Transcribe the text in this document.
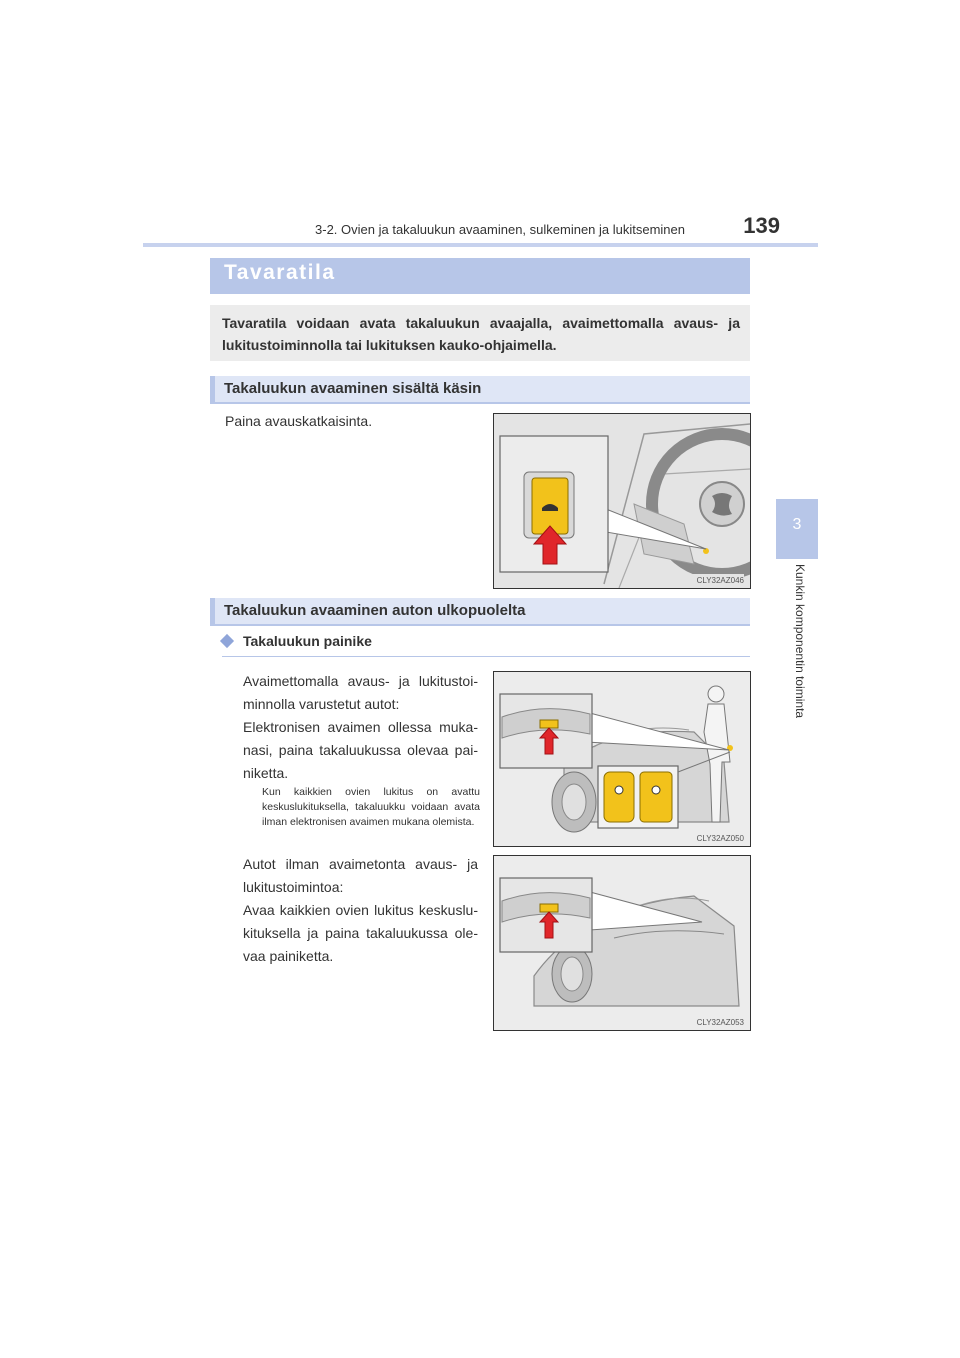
3-2. Ovien ja takaluukun avaaminen, sulkeminen ja lukitseminen	139
3
Kunkin komponentin toiminta
Tavaratila
Tavaratila voidaan avata takaluukun avaajalla, avaimettomalla avaus- ja lukitustoiminnolla tai lukituksen kauko-ohjaimella.
Takaluukun avaaminen sisältä käsin
Paina avauskatkaisinta.
CLY32AZ046
Takaluukun avaaminen auton ulkopuolelta
Takaluukun painike
Avaimettomalla avaus- ja lukitustoi-
minnolla varustetut autot:
Elektronisen avaimen ollessa muka-
nasi, paina takaluukussa olevaa pai-
niketta.
Kun kaikkien ovien lukitus on avattu keskuslukituksella, takaluukku voidaan avata ilman elektronisen avaimen mukana olemista.
Autot ilman avaimetonta avaus- ja
lukitustoimintoa:
Avaa kaikkien ovien lukitus keskuslu-
kituksella ja paina takaluukussa ole-
vaa painiketta.
CLY32AZ050
CLY32AZ053
